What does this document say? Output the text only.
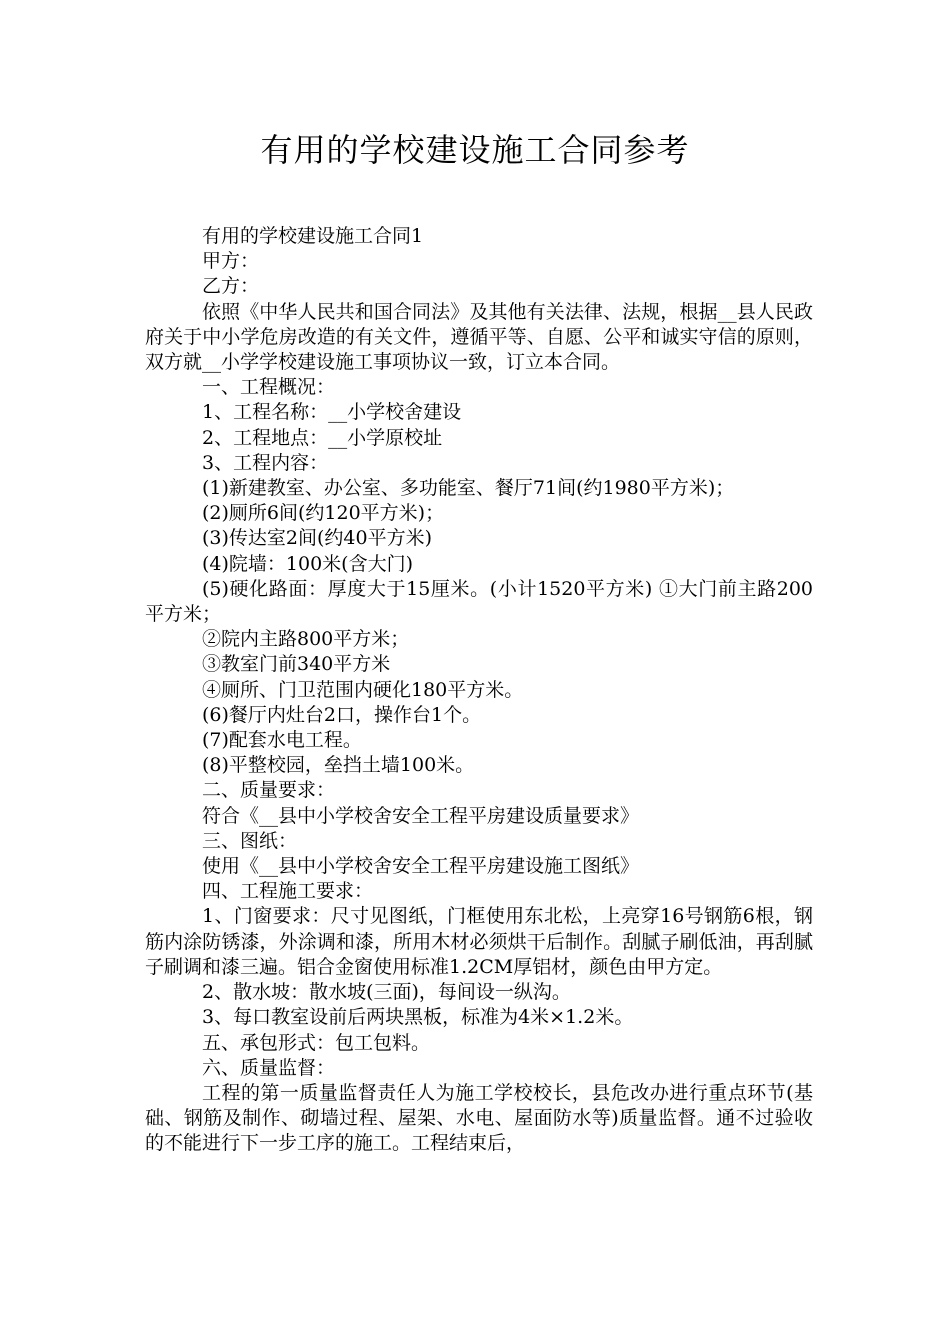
有用的学校建设施工合同参考

有用的学校建设施工合同1

甲方：

乙方：

依照《中华人民共和国合同法》及其他有关法律、法规，根据__县人民政府关于中小学危房改造的有关文件，遵循平等、自愿、公平和诚实守信的原则，双方就__小学学校建设施工事项协议一致，订立本合同。

一、工程概况：

1、工程名称：__小学校舍建设

2、工程地点：__小学原校址

3、工程内容：

(1)新建教室、办公室、多功能室、餐厅71间(约1980平方米)；

(2)厕所6间(约120平方米)；

(3)传达室2间(约40平方米)

(4)院墙：100米(含大门)

(5)硬化路面：厚度大于15厘米。(小计1520平方米) ①大门前主路200平方米；

②院内主路800平方米；

③教室门前340平方米

④厕所、门卫范围内硬化180平方米。

(6)餐厅内灶台2口，操作台1个。

(7)配套水电工程。

(8)平整校园，垒挡土墙100米。

二、质量要求：

符合《__县中小学校舍安全工程平房建设质量要求》

三、图纸：

使用《__县中小学校舍安全工程平房建设施工图纸》

四、工程施工要求：

1、门窗要求：尺寸见图纸，门框使用东北松，上亮穿16号钢筋6根，钢筋内涂防锈漆，外涂调和漆，所用木材必须烘干后制作。刮腻子刷低油，再刮腻子刷调和漆三遍。铝合金窗使用标准1.2CM厚铝材，颜色由甲方定。

2、散水坡：散水坡(三面)，每间设一纵沟。

3、每口教室设前后两块黑板，标准为4米×1.2米。

五、承包形式：包工包料。

六、质量监督：

工程的第一质量监督责任人为施工学校校长，县危改办进行重点环节(基础、钢筋及制作、砌墙过程、屋架、水电、屋面防水等)质量监督。通不过验收的不能进行下一步工序的施工。工程结束后，
